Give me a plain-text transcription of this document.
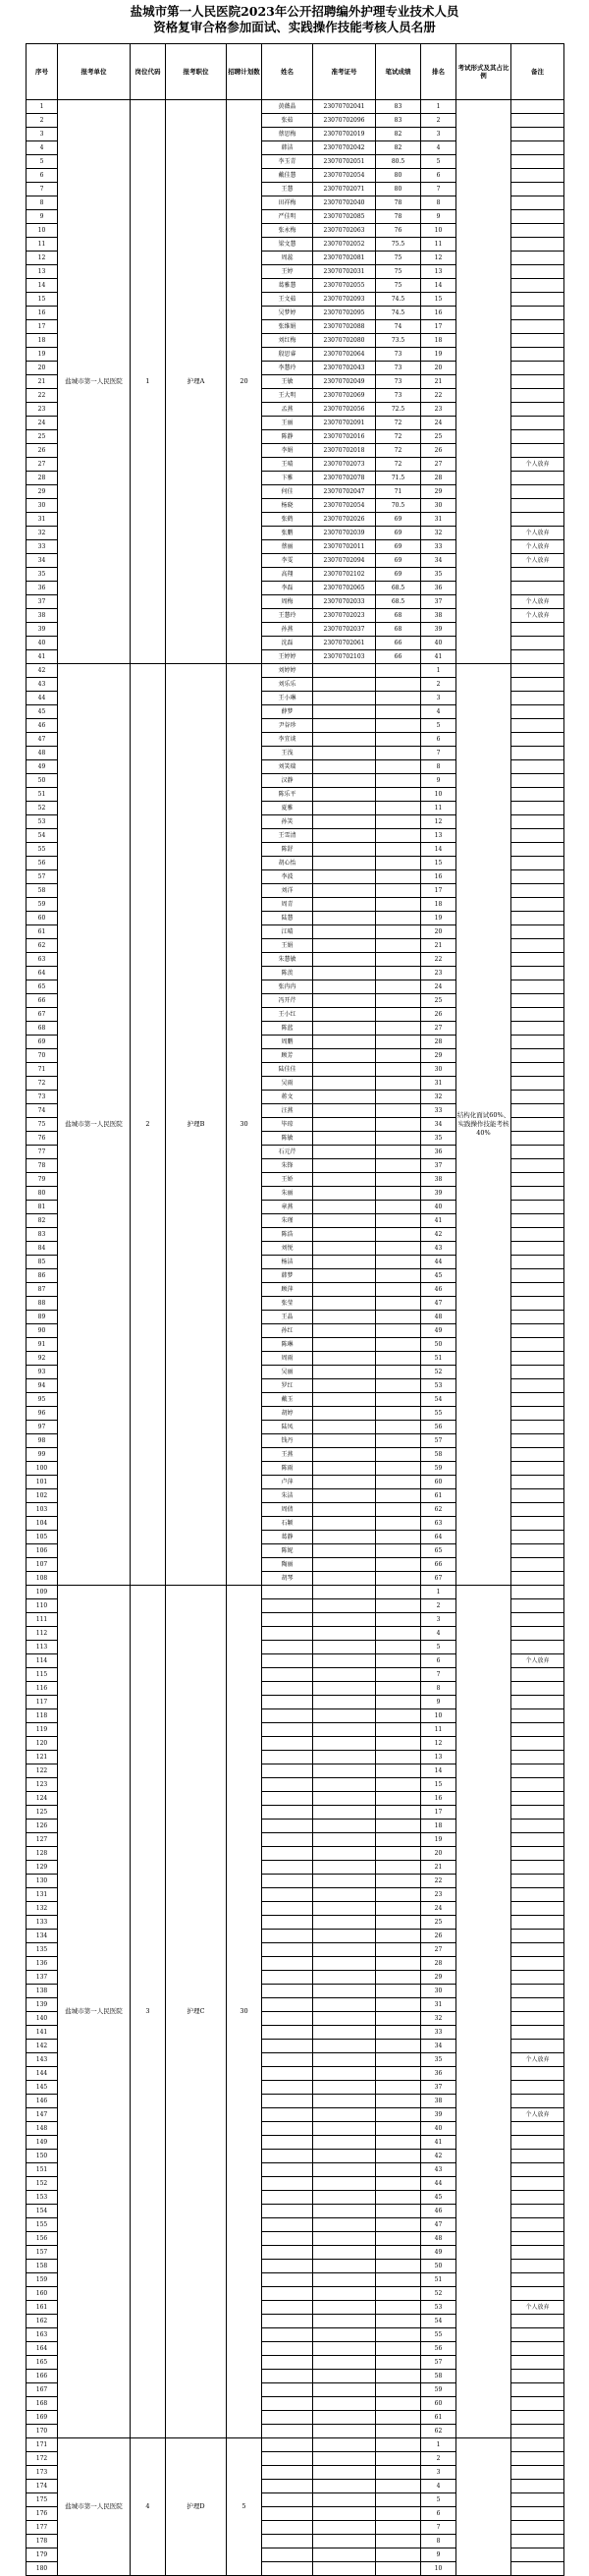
盐城市第一人民医院2023年公开招聘编外护理专业技术人员
资格复审合格参加面试、实践操作技能考核人员名册
序号	报考单位	岗位代码	报考职位	招聘计划数	姓名	准考证号	笔试成绩	排名	考试形式及其占比例	备注
1	盐城市第一人民医院	1	护理A	20	黄薇晶	23070702041	83	1		
2					张茹	23070702096	83	2		
3					蔡思梅	23070702019	82	3		
4					韩洁	23070702042	82	4		
5					李玉青	23070702051	80.5	5		
6					戴佳慧	23070702054	80	6		
7					王慧	23070702071	80	7		
8					田祥梅	23070702040	78	8		
9					严佳明	23070702085	78	9		
10					张永梅	23070702063	76	10		
11					梁文慧	23070702052	75.5	11		
12					周蕊	23070702081	75	12		
13					王婷	23070702031	75	13		
14					葛雅慧	23070702055	75	14		
15					王文茹	23070702093	74.5	15		
16					吴梦婷	23070702095	74.5	16		
17					张维娟	23070702088	74	17		
18					刘红梅	23070702080	73.5	18		
19					殷思睿	23070702064	73	19		
20					李慧玲	23070702043	73	20		
21					王敏	23070702049	73	21		
22					王大明	23070702069	73	22		
23					孟燕	23070702056	72.5	23		
24					王丽	23070702091	72	24		
25					陈静	23070702016	72	25		
26					李娟	23070702018	72	26		
27					王晴	23070702073	72	27		个人放弃
28					卞雅	23070702078	71.5	28		
29					何佳	23070702047	71	29		
30					杨晓	23070702054	70.5	30		
31					张鹤	23070702026	69	31		
32					张鹏	23070702039	69	32		个人放弃
33					蔡丽	23070702011	69	33		个人放弃
34					李雯	23070702094	69	34		个人放弃
35					高翔	23070702102	69	35		
36					李磊	23070702065	68.5	36		
37					周梅	23070702033	68.5	37		个人放弃
38					王慧玲	23070702023	68	38		个人放弃
39					孙燕	23070702037	68	39		
40					沈磊	23070702061	66	40		
41					王婷婷	23070702103	66	41		
42	盐城市第一人民医院	2	护理B	30	刘婷婷			1	结构化面试60%、实践操作技能考核40%	
43					刘乐乐			2		
44					王小琳			3		
45					薛梦			4		
46					尹谷珍			5		
47					李宜谈			6		
48					王浅			7		
49					刘笑瑞			8		
50					汉静			9		
51					陈乐平			10		
52					夏雅			11		
53					孙笑			12		
54					王雪清			13		
55					陈舒			14		
56					胡心怡			15		
57					李波			16		
58					刘洋			17		
59					周青			18		
60					陆慧			19		
61					江晴			20		
62					王娟			21		
63					朱慧敏			22		
64					陈羡			23		
65					张冉冉			24		
66					冯开芹			25		
67					王小红			26		
68					陈蓝			27		
69					周鹏			28		
70					顾芳			29		
71					陆佳佳			30		
72					吴雨			31		
73					蒋文			32		
74					汪燕			33		
75					毕琼			34		
76					陈敏			35		
77					石元芹			36		
78					朱锋			37		
79					王娇			38		
80					朱丽			39		
81					章燕			40		
82					朱瑾			41		
83					陈浩			42		
84					刘悦			43		
85					杨洁			44		
86					韩梦			45		
87					顾萍			46		
88					张莹			47		
89					王晶			48		
90					孙红			49		
91					陈琳			50		
92					周雨			51		
93					吴丽			52		
94					罗红			53		
95					戴玉			54		
96					胡婷			55		
97					陆凤			56		
98					钱丹			57		
99					王燕			58		
100					陈雨			59		
101					卢萍			60		
102					朱洁			61		
103					周倩			62		
104					石颖			63		
105					葛静			64		
106					陈妮			65		
107					陶丽			66		
108					胡琴			67		
109	盐城市第一人民医院	3	护理C	30				1		
110								2		
111								3		
112								4		
113								5		
114								6		个人放弃
115								7		
116								8		
117								9		
118								10		
119								11		
120								12		
121								13		
122								14		
123								15		
124								16		
125								17		
126								18		
127								19		
128								20		
129								21		
130								22		
131								23		
132								24		
133								25		
134								26		
135								27		
136								28		
137								29		
138								30		
139								31		
140								32		
141								33		
142								34		
143								35		个人放弃
144								36		
145								37		
146								38		
147								39		个人放弃
148								40		
149								41		
150								42		
151								43		
152								44		
153								45		
154								46		
155								47		
156								48		
157								49		
158								50		
159								51		
160								52		
161								53		个人放弃
162								54		
163								55		
164								56		
165								57		
166								58		
167								59		
168								60		
169								61		
170								62		
171	盐城市第一人民医院	4	护理D	5				1		
172								2		
173								3		
174								4		
175								5		
176								6		
177								7		
178								8		
179								9		
180								10		
